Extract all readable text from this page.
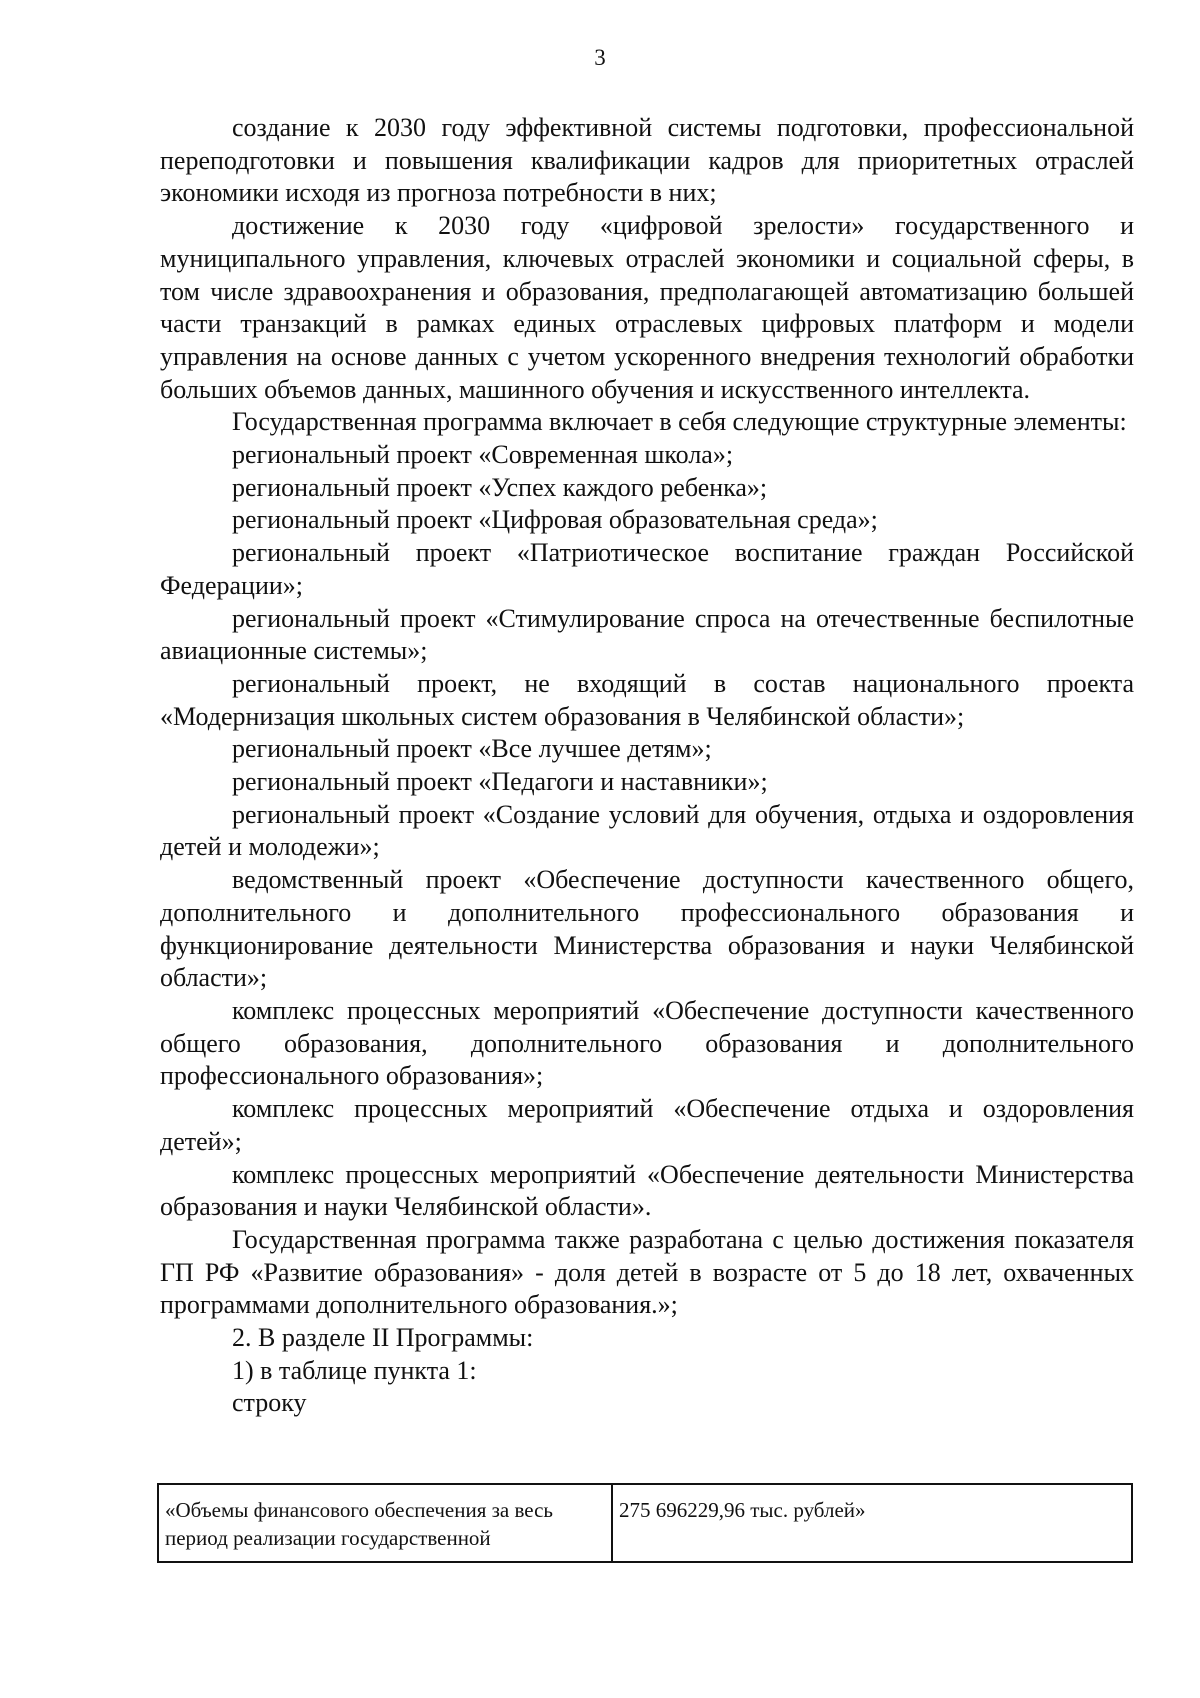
3

создание к 2030 году эффективной системы подготовки, профессиональной переподготовки и повышения квалификации кадров для приоритетных отраслей экономики исходя из прогноза потребности в них;

достижение к 2030 году «цифровой зрелости» государственного и муниципального управления, ключевых отраслей экономики и социальной сферы, в том числе здравоохранения и образования, предполагающей автоматизацию большей части транзакций в рамках единых отраслевых цифровых платформ и модели управления на основе данных с учетом ускоренного внедрения технологий обработки больших объемов данных, машинного обучения и искусственного интеллекта.

Государственная программа включает в себя следующие структурные элементы:

региональный проект «Современная школа»;

региональный проект «Успех каждого ребенка»;

региональный проект «Цифровая образовательная среда»;

региональный проект «Патриотическое воспитание граждан Российской Федерации»;

региональный проект «Стимулирование спроса на отечественные беспилотные авиационные системы»;

региональный проект, не входящий в состав национального проекта «Модернизация школьных систем образования в Челябинской области»;

региональный проект «Все лучшее детям»;

региональный проект «Педагоги и наставники»;

региональный проект «Создание условий для обучения, отдыха и оздоровления детей и молодежи»;

ведомственный проект «Обеспечение доступности качественного общего, дополнительного и дополнительного профессионального образования и функционирование деятельности Министерства образования и науки Челябинской области»;

комплекс процессных мероприятий «Обеспечение доступности качественного общего образования, дополнительного образования и дополнительного профессионального образования»;

комплекс процессных мероприятий «Обеспечение отдыха и оздоровления детей»;

комплекс процессных мероприятий «Обеспечение деятельности Министерства образования и науки Челябинской области».

Государственная программа также разработана с целью достижения показателя ГП РФ «Развитие образования» - доля детей в возрасте от 5 до 18 лет, охваченных программами дополнительного образования.»;

2. В разделе II Программы:

1) в таблице пункта 1:

строку

«Объемы финансового обеспечения за весь период реализации государственной	275 696229,96 тыс. рублей»
